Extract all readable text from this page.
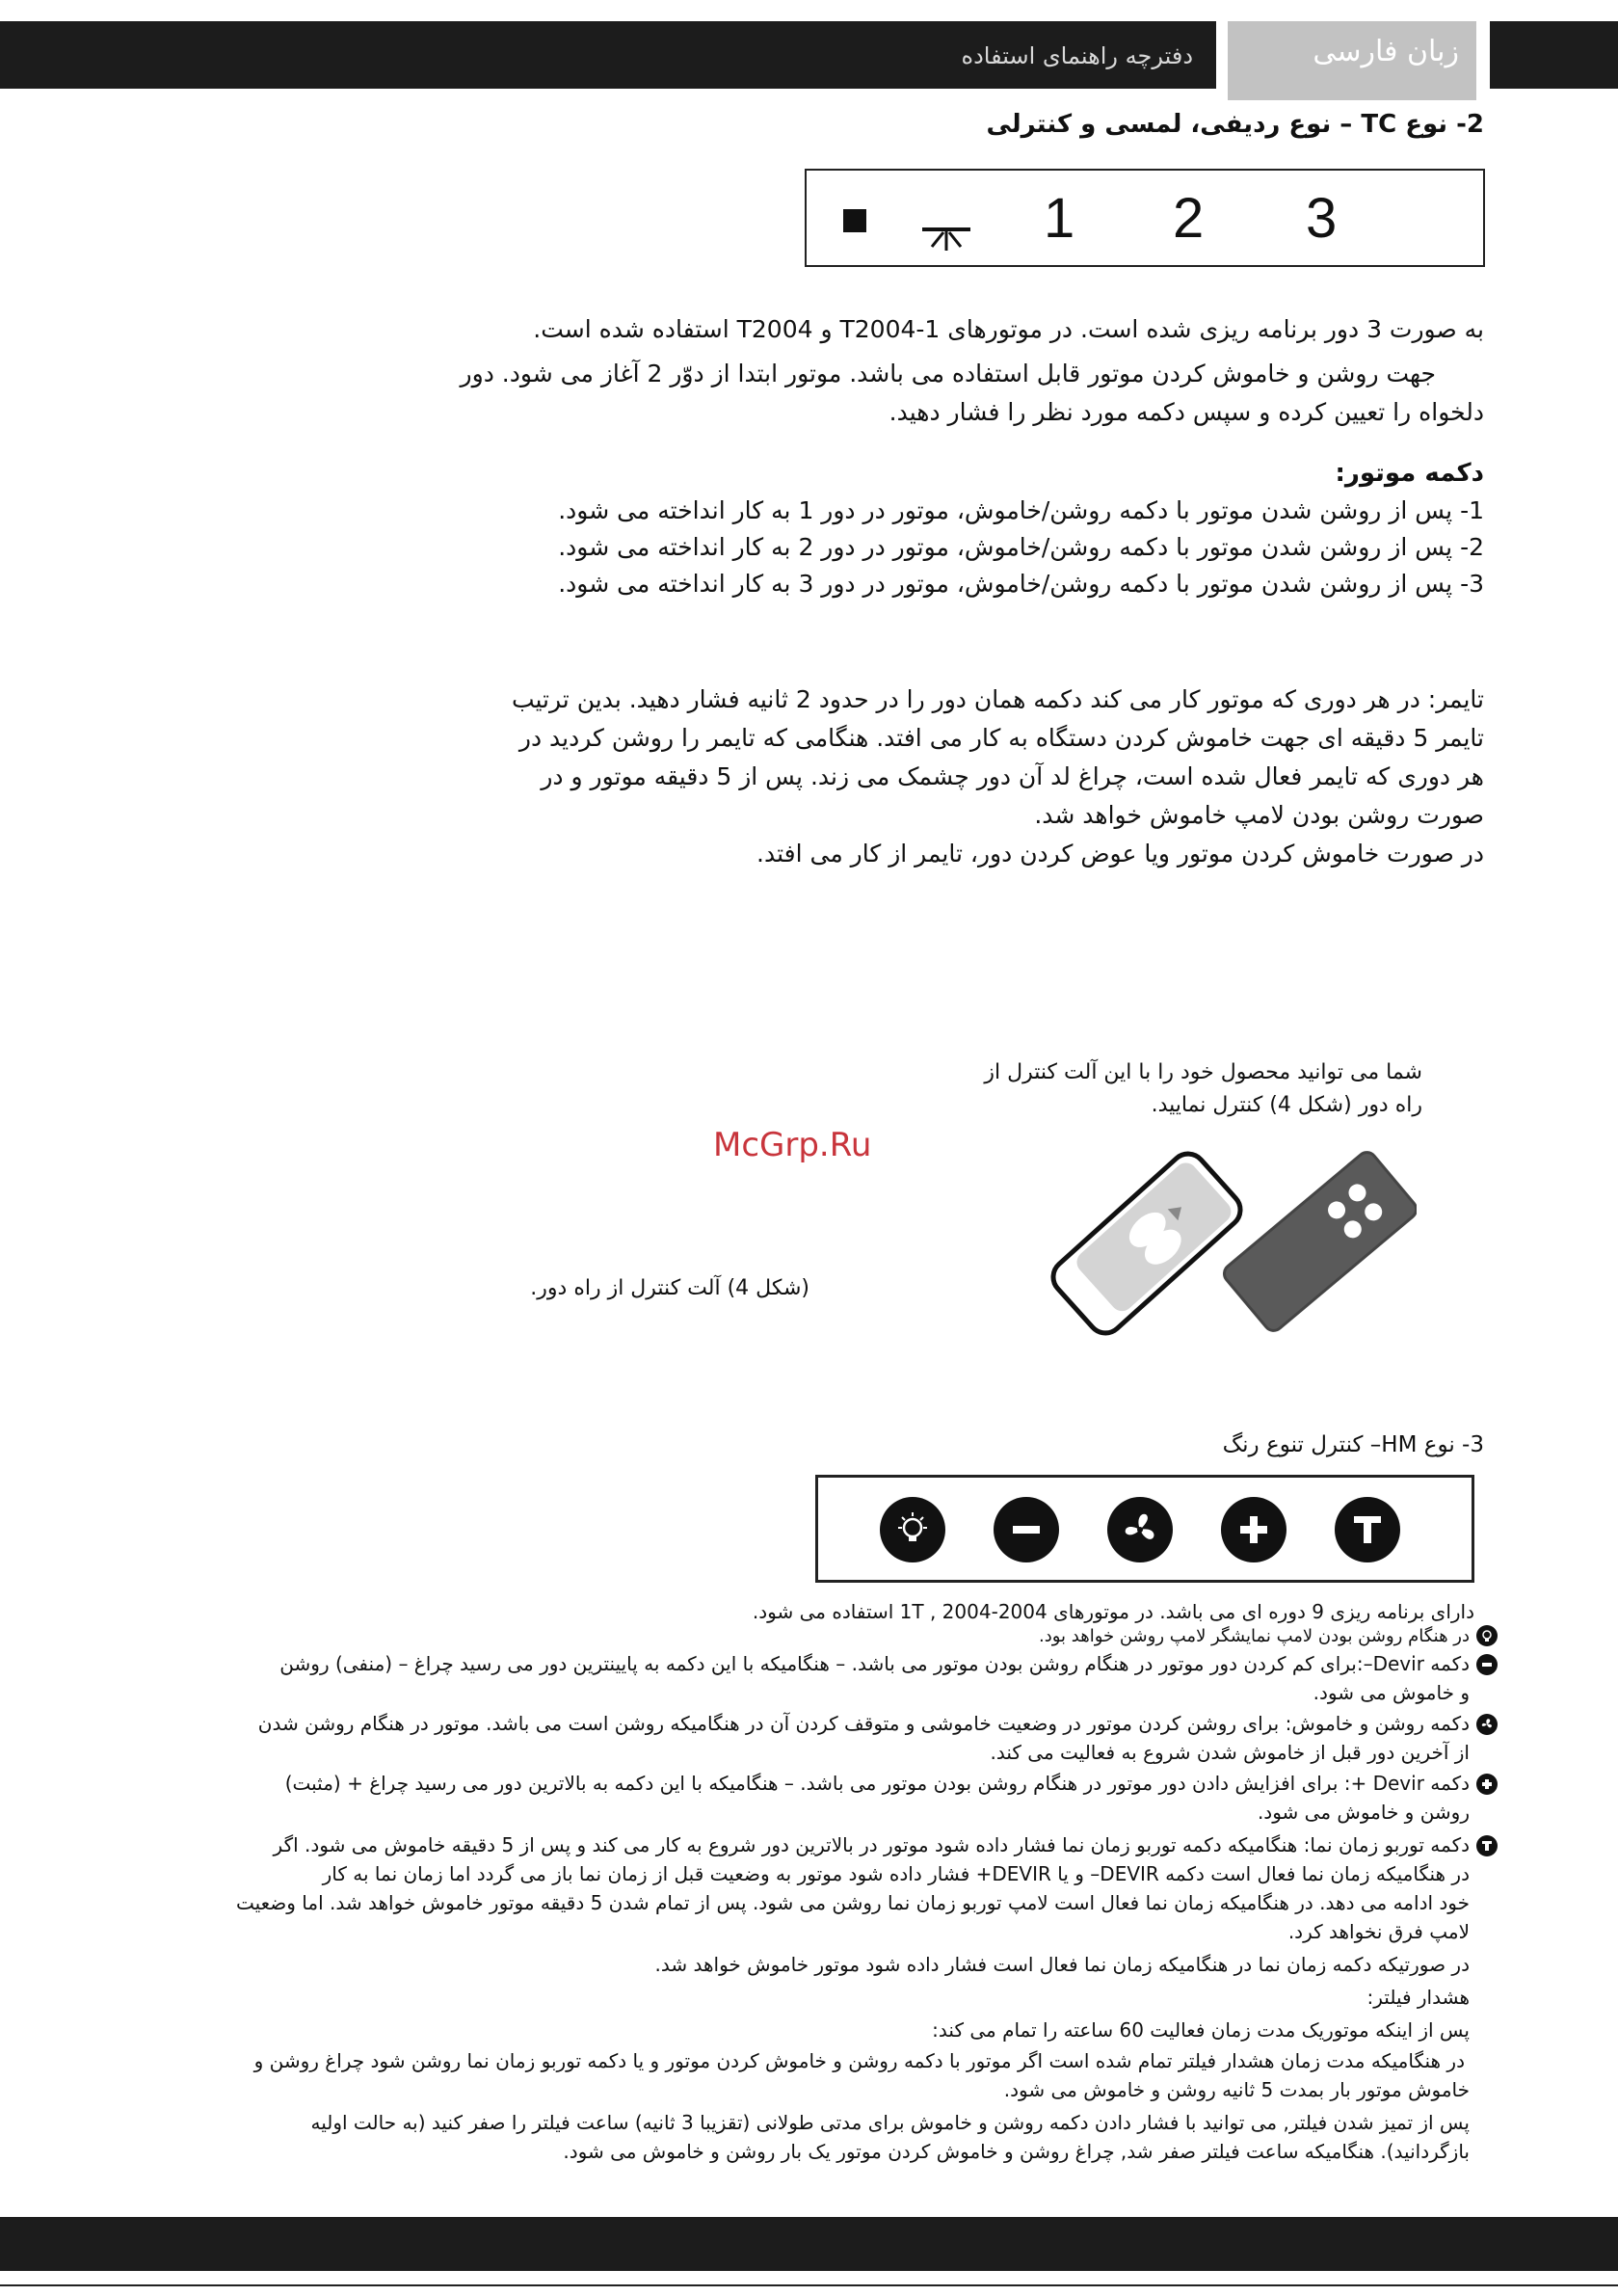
زبان فارسی
دفترچه راهنمای استفاده
2- نوع TC – نوع ردیفی، لمسی و کنترلی
1 2 3
به صورت 3 دور برنامه ریزی شده است. در موتورهای T2004-1 و T2004 استفاده شده است.
جهت روشن و خاموش کردن موتور قابل استفاده می باشد. موتور ابتدا از دوّر 2 آغاز می شود. دور
دلخواه را تعیین کرده و سپس دکمه مورد نظر را فشار دهید.
دکمه موتور:
1- پس از روشن شدن موتور با دکمه روشن/خاموش، موتور در دور 1 به کار انداخته می شود.
2- پس از روشن شدن موتور با دکمه روشن/خاموش، موتور در دور 2 به کار انداخته می شود.
3- پس از روشن شدن موتور با دکمه روشن/خاموش، موتور در دور 3 به کار انداخته می شود.
تایمر: در هر دوری که موتور کار می کند دکمه همان دور را در حدود 2 ثانیه فشار دهید. بدین ترتیب
تایمر 5 دقیقه ای جهت خاموش کردن دستگاه به کار می افتد. هنگامی که تایمر را روشن کردید در
هر دوری که تایمر فعال شده است، چراغ لد آن دور چشمک می زند. پس از 5 دقیقه موتور و در
صورت روشن بودن لامپ خاموش خواهد شد.
در صورت خاموش کردن موتور ویا عوض کردن دور، تایمر از کار می افتد.
شما می توانید محصول خود را با این آلت کنترل از
راه دور (شکل 4) کنترل نمایید.
McGrp.Ru
(شکل 4) آلت کنترل از راه دور.
3- نوع HM– کنترل تنوع رنگ
دارای برنامه ریزی 9 دوره ای می باشد. در موتورهای 2004-1T , 2004 استفاده می شود.
در هنگام روشن بودن لامپ نمایشگر لامپ روشن خواهد بود.
دکمه Devir–:برای کم کردن دور موتور در هنگام روشن بودن موتور می باشد. – هنگامیکه با این دکمه به پایینترین دور می رسید چراغ – (منفی) روشن
و خاموش می شود.
دکمه روشن و خاموش: برای روشن کردن موتور در وضعیت خاموشی و متوقف کردن آن در هنگامیکه روشن است می باشد. موتور در هنگام روشن شدن
از آخرین دور قبل از خاموش شدن شروع به فعالیت می کند.
دکمه Devir +: برای افزایش دادن دور موتور در هنگام روشن بودن موتور می باشد. – هنگامیکه با این دکمه به بالاترین دور می رسید چراغ + (مثبت)
روشن و خاموش می شود.
دکمه توربو زمان نما: هنگامیکه دکمه توربو زمان نما فشار داده شود موتور در بالاترین دور شروع به کار می کند و پس از 5 دقیقه خاموش می شود. اگر
در هنگامیکه زمان نما فعال است دکمه DEVIR– و یا DEVIR+ فشار داده شود موتور به وضعیت قبل از زمان نما باز می گردد اما زمان نما به کار
خود ادامه می دهد. در هنگامیکه زمان نما فعال است لامپ توربو زمان نما روشن می شود. پس از تمام شدن 5 دقیقه موتور خاموش خواهد شد. اما وضعیت
لامپ فرق نخواهد کرد.
در صورتیکه دکمه زمان نما در هنگامیکه زمان نما فعال است فشار داده شود موتور خاموش خواهد شد.
هشدار فیلتر:
پس از اینکه موتوریک مدت زمان فعالیت 60 ساعته را تمام می کند:
در هنگامیکه مدت زمان هشدار فیلتر تمام شده است اگر موتور با دکمه روشن و خاموش کردن موتور و یا دکمه توربو زمان نما روشن شود چراغ روشن و
خاموش موتور بار بمدت 5 ثانیه روشن و خاموش می شود.
پس از تمیز شدن فیلتر, می توانید با فشار دادن دکمه روشن و خاموش برای مدتی طولانی (تقزیبا 3 ثانیه) ساعت فیلتر را صفر کنید (به حالت اولیه
بازگردانید). هنگامیکه ساعت فیلتر صفر شد, چراغ روشن و خاموش کردن موتور یک بار روشن و خاموش می شود.
